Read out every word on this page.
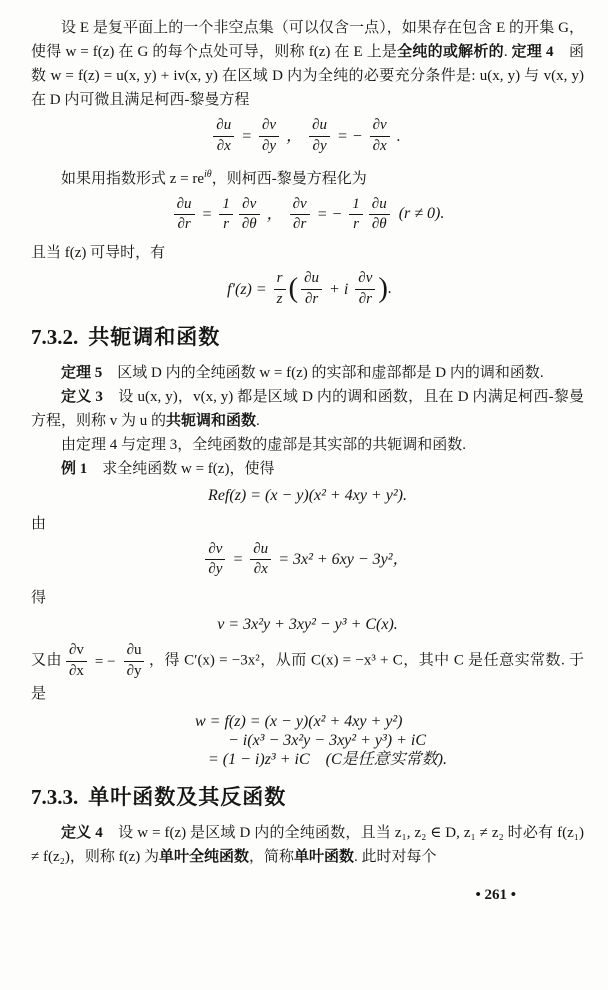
设 E 是复平面上的一个非空点集（可以仅含一点），如果存在包含 E 的开集 G，使得 w = f(z) 在 G 的每个点处可导，则称 f(z) 在 E 上是全纯的或解析的. 定理 4　函数 w = f(z) = u(x, y) + iv(x, y) 在区域 D 内为全纯的必要充分条件是: u(x, y) 与 v(x, y) 在 D 内可微且满足柯西-黎曼方程

$\frac{\partial u}{\partial x} = \frac{\partial v}{\partial y}$ ， $\frac{\partial u}{\partial y}$ = − $\frac{\partial v}{\partial x}$ .

如果用指数形式 $z = re^{i\theta}$，则柯西-黎曼方程化为

$\frac{\partial u}{\partial r} = \frac{1}{r} \frac{\partial v}{\partial\theta}$ ， $\frac{\partial v}{\partial r}$ = − $\frac{1}{r} \frac{\partial u}{\partial\theta} (r \ne 0)$.

且当 f(z) 可导时，有

$f'(z) = \frac{r}{z}$ ( $\frac{\partial u}{\partial r} + i \frac{\partial v}{\partial r}$ ).
7.3.2. 共轭调和函数

定理 5　区域 D 内的全纯函数 w = f(z) 的实部和虚部都是 D 内的调和函数.

定义 3　设 u(x, y)，v(x, y) 都是区域 D 内的调和函数，且在 D 内满足柯西-黎曼方程，则称 v 为 u 的共轭调和函数.

由定理 4 与定理 3，全纯函数的虚部是其实部的共轭调和函数.

例 1　求全纯函数 w = f(z)，使得

Ref(z) = (x − y)(x² + 4xy + y²).

由

$\frac{\partial v}{\partial y} = \frac{\partial u}{\partial x} = 3x^2 + 6xy - 3y^2$，

得

v = 3x²y + 3xy² − y³ + C(x).

又由 $\frac{\partial v}{\partial x}$ = − $\frac{\partial u}{\partial y}$ ，得 C′(x) = −3x²，从而 C(x) = −x³ + C，其中 C 是任意实常数. 于是

w = f(z) = (x − y)(x² + 4xy + y²)
− i(x³ − 3x²y − 3xy² + y³) + iC
= (1 − i)z³ + iC　(C是任意实常数).
7.3.3. 单叶函数及其反函数

定义 4　设 w = f(z) 是区域 D 内的全纯函数，且当 z₁, z₂ ∈ D, z₁ ≠ z₂ 时必有 f(z₁) ≠ f(z₂)，则称 f(z) 为单叶全纯函数，简称单叶函数. 此时对每个

• 261 •
